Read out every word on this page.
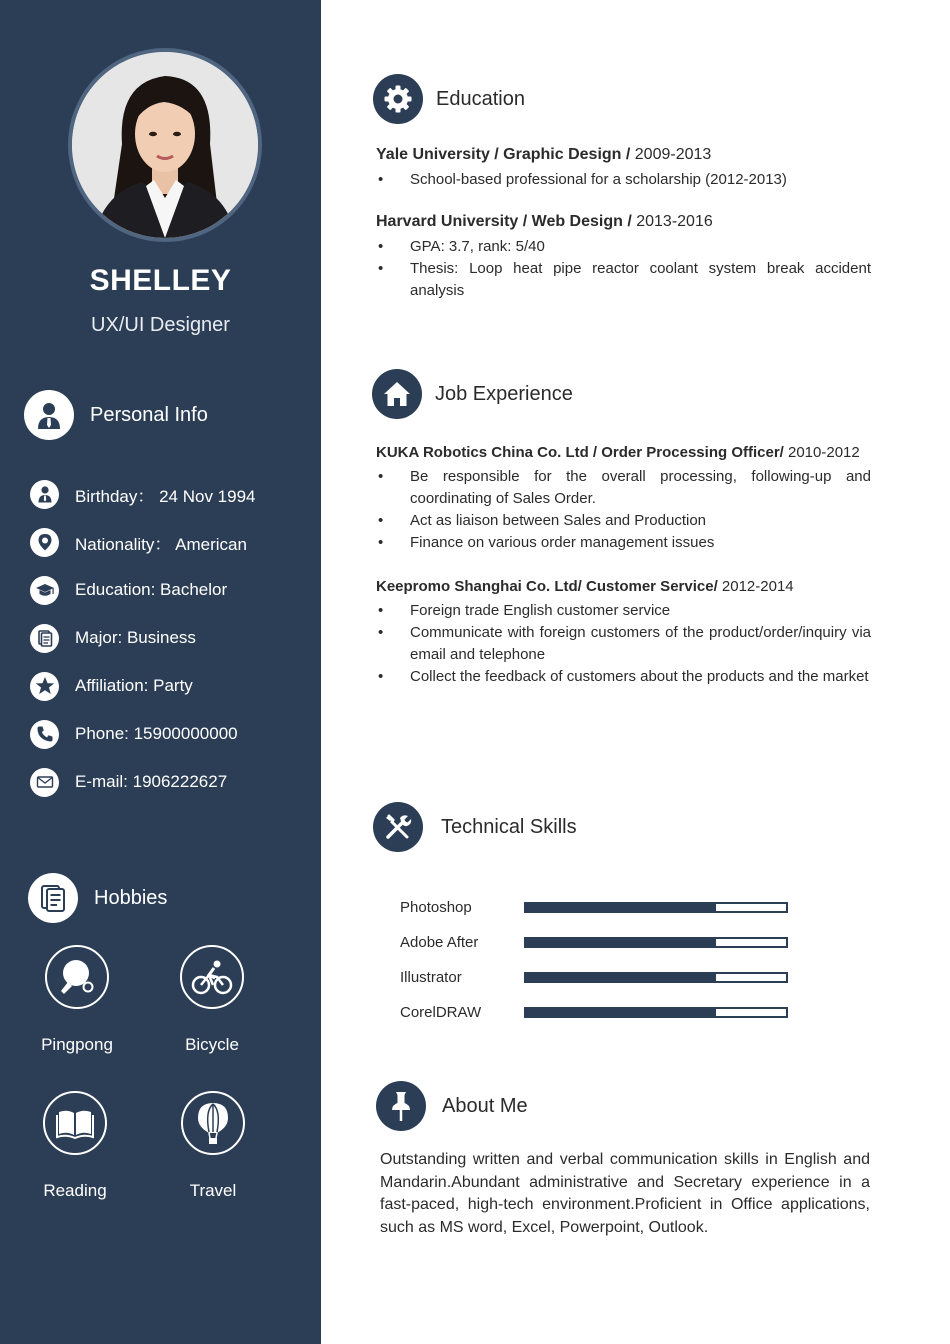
SHELLEY
UX/UI Designer
Personal Info
Birthday： 24 Nov 1994
Nationality： American
Education: Bachelor
Major: Business
Affiliation: Party
Phone: 15900000000
E-mail: 1906222627
Hobbies
Pingpong	Bicycle
Reading	Travel
Education
Yale University / Graphic Design / 2009-2013
• School-based professional for a scholarship (2012-2013)
Harvard University / Web Design / 2013-2016
• GPA: 3.7, rank: 5/40
• Thesis: Loop heat pipe reactor coolant system break accident analysis
Job Experience
KUKA Robotics China Co. Ltd / Order Processing Officer/ 2010-2012
• Be responsible for the overall processing, following-up and coordinating of Sales Order.
• Act as liaison between Sales and Production
• Finance on various order management issues
Keepromo Shanghai Co. Ltd/ Customer Service/ 2012-2014
• Foreign trade English customer service
• Communicate with foreign customers of the product/order/inquiry via email and telephone
• Collect the feedback of customers about the products and the market
Technical Skills
Photoshop
Adobe After
Illustrator
CorelDRAW
About Me
Outstanding written and verbal communication skills in English and Mandarin.Abundant administrative and Secretary experience in a fast-paced, high-tech environment.Proficient in Office applications, such as MS word, Excel, Powerpoint, Outlook.
